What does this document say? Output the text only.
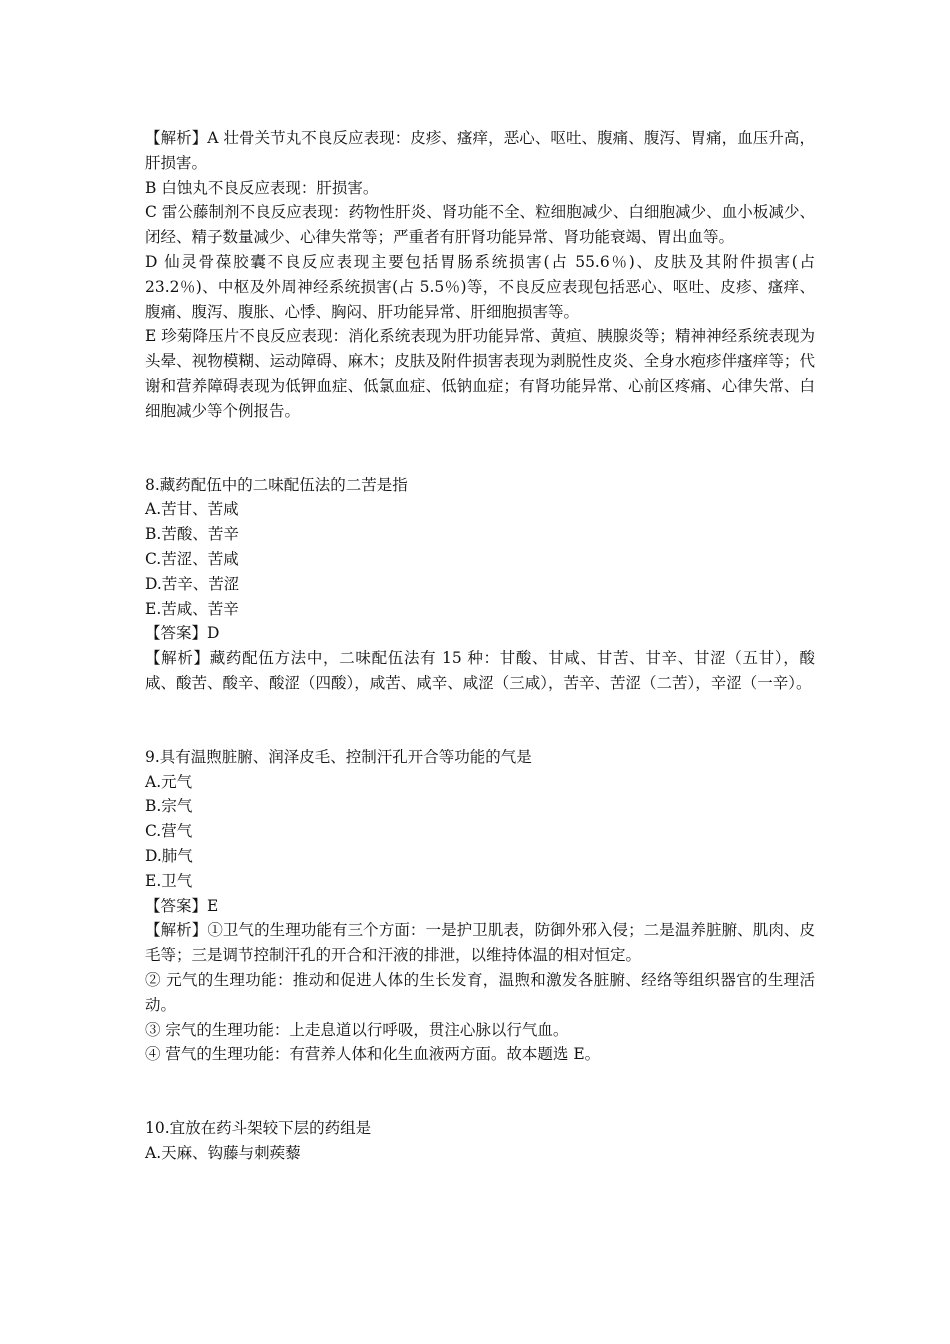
【解析】A 壮骨关节丸不良反应表现：皮疹、瘙痒，恶心、呕吐、腹痛、腹泻、胃痛，血压升高，肝损害。

B 白蚀丸不良反应表现：肝损害。

C 雷公藤制剂不良反应表现：药物性肝炎、肾功能不全、粒细胞减少、白细胞减少、血小板减少、闭经、精子数量减少、心律失常等；严重者有肝肾功能异常、肾功能衰竭、胃出血等。

D 仙灵骨葆胶囊不良反应表现主要包括胃肠系统损害(占 55.6％)、皮肤及其附件损害(占 23.2％)、中枢及外周神经系统损害(占 5.5％)等，不良反应表现包括恶心、呕吐、皮疹、瘙痒、腹痛、腹泻、腹胀、心悸、胸闷、肝功能异常、肝细胞损害等。

E 珍菊降压片不良反应表现：消化系统表现为肝功能异常、黄疸、胰腺炎等；精神神经系统表现为头晕、视物模糊、运动障碍、麻木；皮肤及附件损害表现为剥脱性皮炎、全身水疱疹伴瘙痒等；代谢和营养障碍表现为低钾血症、低氯血症、低钠血症；有肾功能异常、心前区疼痛、心律失常、白细胞减少等个例报告。

8.藏药配伍中的二味配伍法的二苦是指

A.苦甘、苦咸

B.苦酸、苦辛

C.苦涩、苦咸

D.苦辛、苦涩

E.苦咸、苦辛

【答案】D

【解析】藏药配伍方法中，二味配伍法有 15 种：甘酸、甘咸、甘苦、甘辛、甘涩（五甘），酸咸、酸苦、酸辛、酸涩（四酸），咸苦、咸辛、咸涩（三咸），苦辛、苦涩（二苦），辛涩（一辛）。

9.具有温煦脏腑、润泽皮毛、控制汗孔开合等功能的气是

A.元气

B.宗气

C.营气

D.肺气

E.卫气

【答案】E

【解析】①卫气的生理功能有三个方面：一是护卫肌表，防御外邪入侵；二是温养脏腑、肌肉、皮毛等；三是调节控制汗孔的开合和汗液的排泄，以维持体温的相对恒定。

② 元气的生理功能：推动和促进人体的生长发育，温煦和激发各脏腑、经络等组织器官的生理活动。

③ 宗气的生理功能：上走息道以行呼吸，贯注心脉以行气血。

④ 营气的生理功能：有营养人体和化生血液两方面。故本题选 E。

10.宜放在药斗架较下层的药组是

A.天麻、钩藤与刺蒺藜
